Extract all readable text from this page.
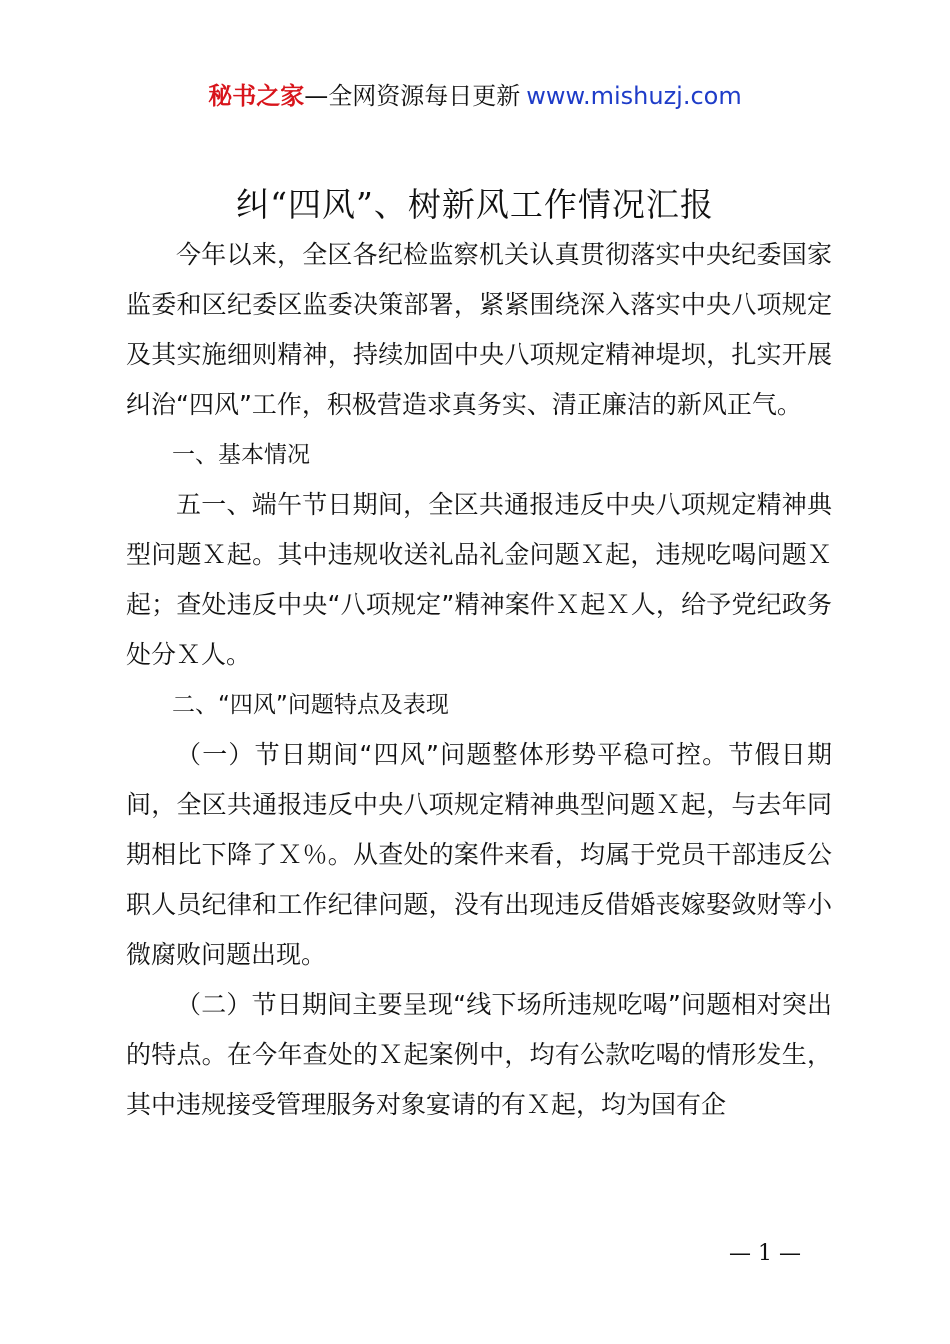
秘书之家—全网资源每日更新 www.mishuzj.com
纠“四风”、树新风工作情况汇报

今年以来，全区各纪检监察机关认真贯彻落实中央纪委国家监委和区纪委区监委决策部署，紧紧围绕深入落实中央八项规定及其实施细则精神，持续加固中央八项规定精神堤坝，扎实开展纠治“四风”工作，积极营造求真务实、清正廉洁的新风正气。

一、基本情况

五一、端午节日期间，全区共通报违反中央八项规定精神典型问题Ｘ起。其中违规收送礼品礼金问题Ｘ起，违规吃喝问题Ｘ起；查处违反中央“八项规定”精神案件Ｘ起Ｘ人，给予党纪政务处分Ｘ人。

二、“四风”问题特点及表现

（一）节日期间“四风”问题整体形势平稳可控。节假日期间，全区共通报违反中央八项规定精神典型问题Ｘ起，与去年同期相比下降了Ｘ％。从查处的案件来看，均属于党员干部违反公职人员纪律和工作纪律问题，没有出现违反借婚丧嫁娶敛财等小微腐败问题出现。

（二）节日期间主要呈现“线下场所违规吃喝”问题相对突出的特点。在今年查处的Ｘ起案例中，均有公款吃喝的情形发生，其中违规接受管理服务对象宴请的有Ｘ起，均为国有企

— 1 —
